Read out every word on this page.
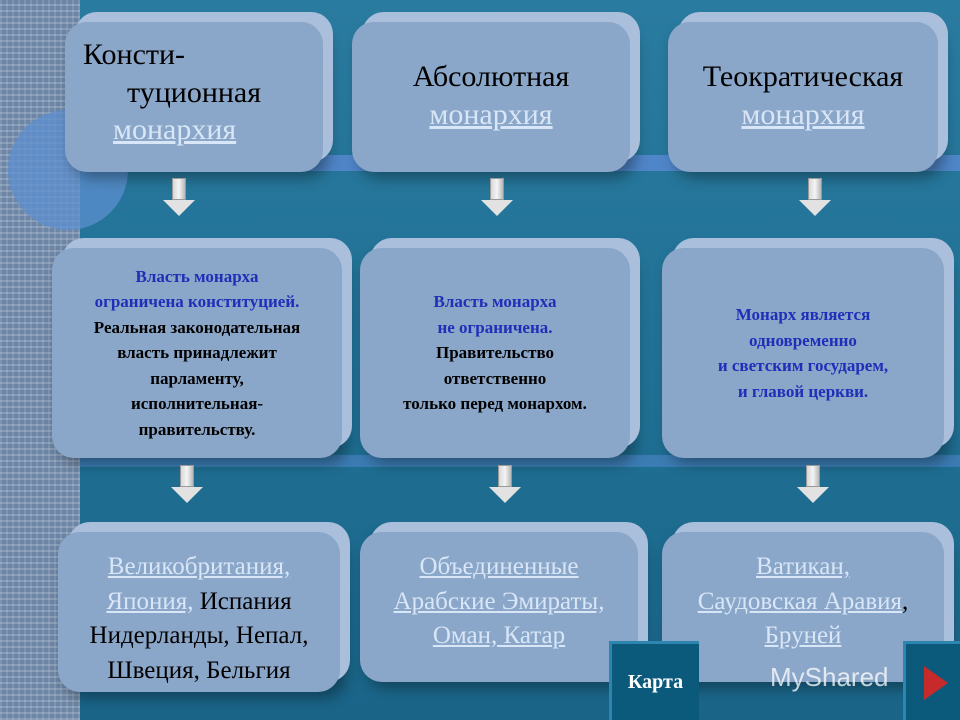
Консти-
туционная
монархия
Абсолютная
монархия
Теократическая
монархия
Власть монарха
ограничена конституцией.
Реальная законодательная
власть принадлежит
парламенту,
исполнительная-
правительству.
Власть монарха
не ограничена.
Правительство
ответственно
только перед монархом.
Монарх является
одновременно
и светским государем,
и главой церкви.
Великобритания,
Япония, Испания
Нидерланды, Непал,
Швеция, Бельгия
Объединенные
Арабские Эмираты,
Оман, Катар
Ватикан,
Саудовская Аравия,
Бруней
Карта	MyShared
